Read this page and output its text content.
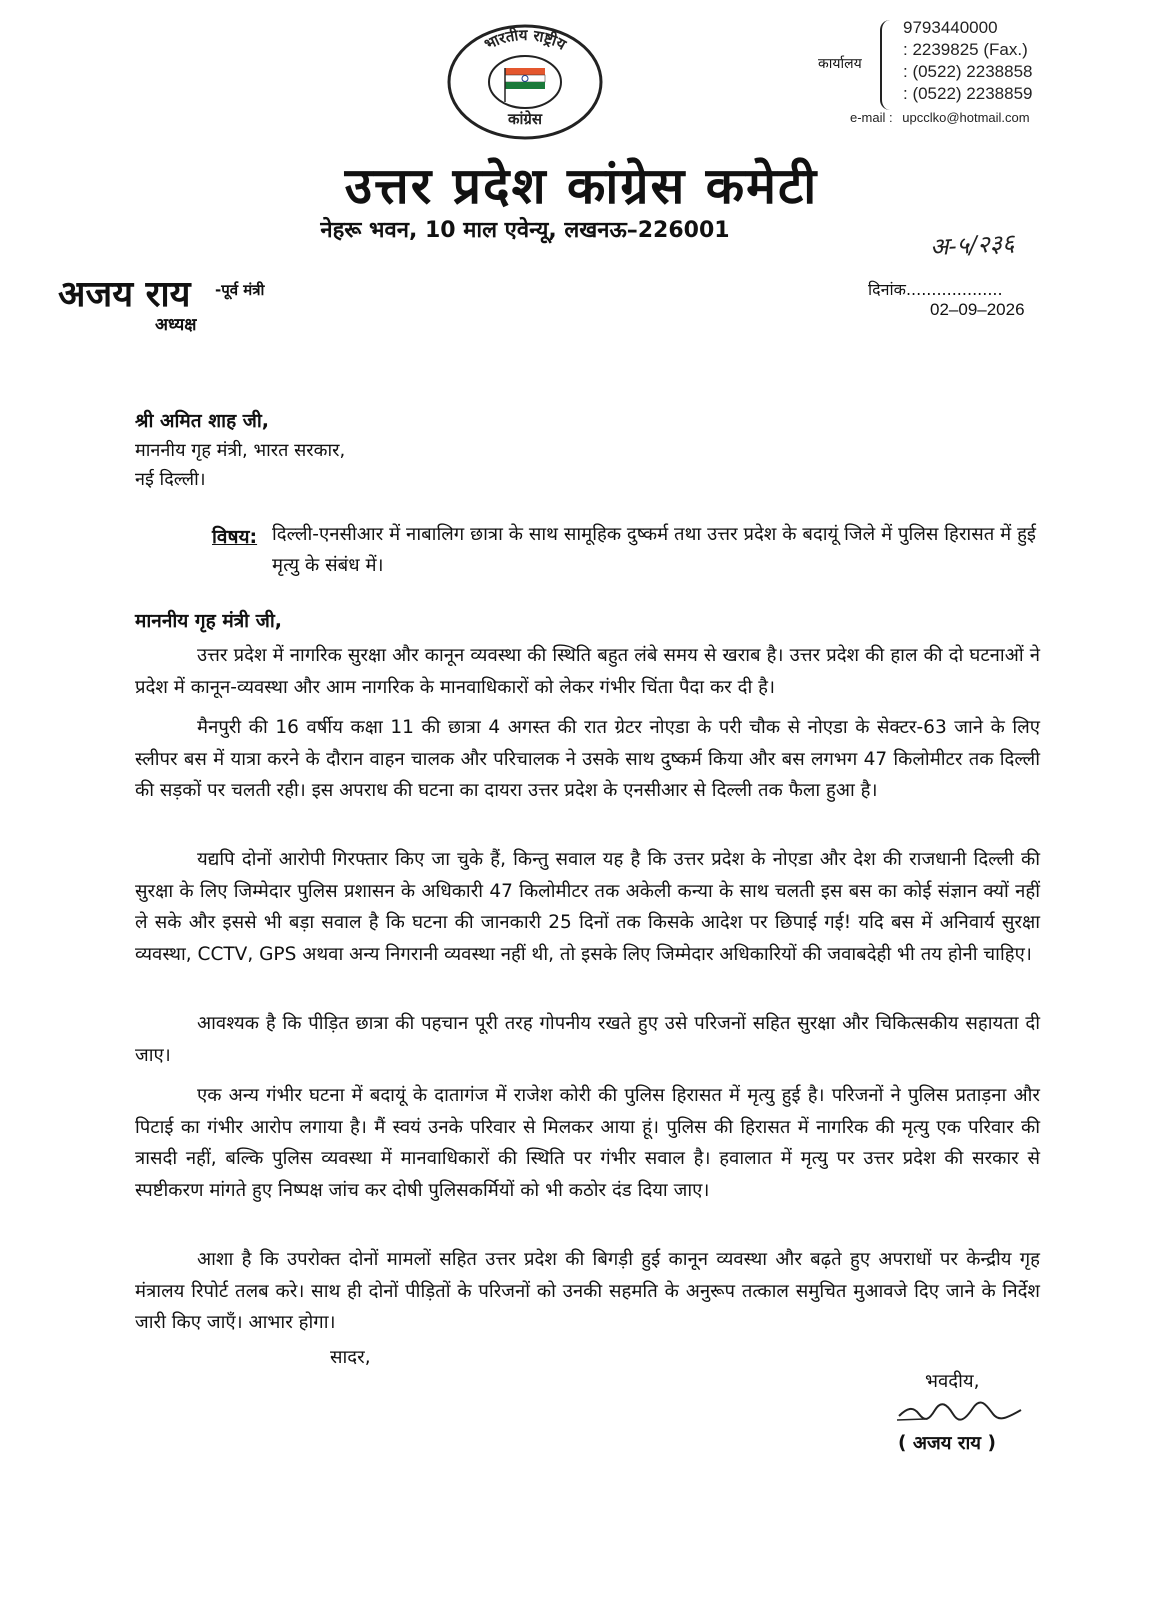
भारतीय राष्ट्रीय
कांग्रेस
कार्यालय
9793440000
: 2239825 (Fax.)
: (0522) 2238858
: (0522) 2238859
e-mail : upcclko@hotmail.com
उत्तर प्रदेश कांग्रेस कमेटी
नेहरू भवन, 10 माल एवेन्यू, लखनऊ–226001	अ-५/२३६
अजय राय -पूर्व मंत्री
अध्यक्ष
दिनांक...................
02–09–2026
श्री अमित शाह जी,
माननीय गृह मंत्री, भारत सरकार,
नई दिल्ली।
विषय: दिल्ली-एनसीआर में नाबालिग छात्रा के साथ सामूहिक दुष्कर्म तथा उत्तर प्रदेश के बदायूं जिले में पुलिस हिरासत में हुई मृत्यु के संबंध में।
माननीय गृह मंत्री जी,
उत्तर प्रदेश में नागरिक सुरक्षा और कानून व्यवस्था की स्थिति बहुत लंबे समय से खराब है। उत्तर प्रदेश की हाल की दो घटनाओं ने प्रदेश में कानून-व्यवस्था और आम नागरिक के मानवाधिकारों को लेकर गंभीर चिंता पैदा कर दी है।
मैनपुरी की 16 वर्षीय कक्षा 11 की छात्रा 4 अगस्त की रात ग्रेटर नोएडा के परी चौक से नोएडा के सेक्टर-63 जाने के लिए स्लीपर बस में यात्रा करने के दौरान वाहन चालक और परिचालक ने उसके साथ दुष्कर्म किया और बस लगभग 47 किलोमीटर तक दिल्ली की सड़कों पर चलती रही। इस अपराध की घटना का दायरा उत्तर प्रदेश के एनसीआर से दिल्ली तक फैला हुआ है।
यद्यपि दोनों आरोपी गिरफ्तार किए जा चुके हैं, किन्तु सवाल यह है कि उत्तर प्रदेश के नोएडा और देश की राजधानी दिल्ली की सुरक्षा के लिए जिम्मेदार पुलिस प्रशासन के अधिकारी 47 किलोमीटर तक अकेली कन्या के साथ चलती इस बस का कोई संज्ञान क्यों नहीं ले सके और इससे भी बड़ा सवाल है कि घटना की जानकारी 25 दिनों तक किसके आदेश पर छिपाई गई! यदि बस में अनिवार्य सुरक्षा व्यवस्था, CCTV, GPS अथवा अन्य निगरानी व्यवस्था नहीं थी, तो इसके लिए जिम्मेदार अधिकारियों की जवाबदेही भी तय होनी चाहिए।
आवश्यक है कि पीड़ित छात्रा की पहचान पूरी तरह गोपनीय रखते हुए उसे परिजनों सहित सुरक्षा और चिकित्सकीय सहायता दी जाए।
एक अन्य गंभीर घटना में बदायूं के दातागंज में राजेश कोरी की पुलिस हिरासत में मृत्यु हुई है। परिजनों ने पुलिस प्रताड़ना और पिटाई का गंभीर आरोप लगाया है। मैं स्वयं उनके परिवार से मिलकर आया हूं। पुलिस की हिरासत में नागरिक की मृत्यु एक परिवार की त्रासदी नहीं, बल्कि पुलिस व्यवस्था में मानवाधिकारों की स्थिति पर गंभीर सवाल है। हवालात में मृत्यु पर उत्तर प्रदेश की सरकार से स्पष्टीकरण मांगते हुए निष्पक्ष जांच कर दोषी पुलिसकर्मियों को भी कठोर दंड दिया जाए।
आशा है कि उपरोक्त दोनों मामलों सहित उत्तर प्रदेश की बिगड़ी हुई कानून व्यवस्था और बढ़ते हुए अपराधों पर केन्द्रीय गृह मंत्रालय रिपोर्ट तलब करे। साथ ही दोनों पीड़ितों के परिजनों को उनकी सहमति के अनुरूप तत्काल समुचित मुआवजे दिए जाने के निर्देश जारी किए जाएँ। आभार होगा।
सादर,
भवदीय,
( अजय राय )
